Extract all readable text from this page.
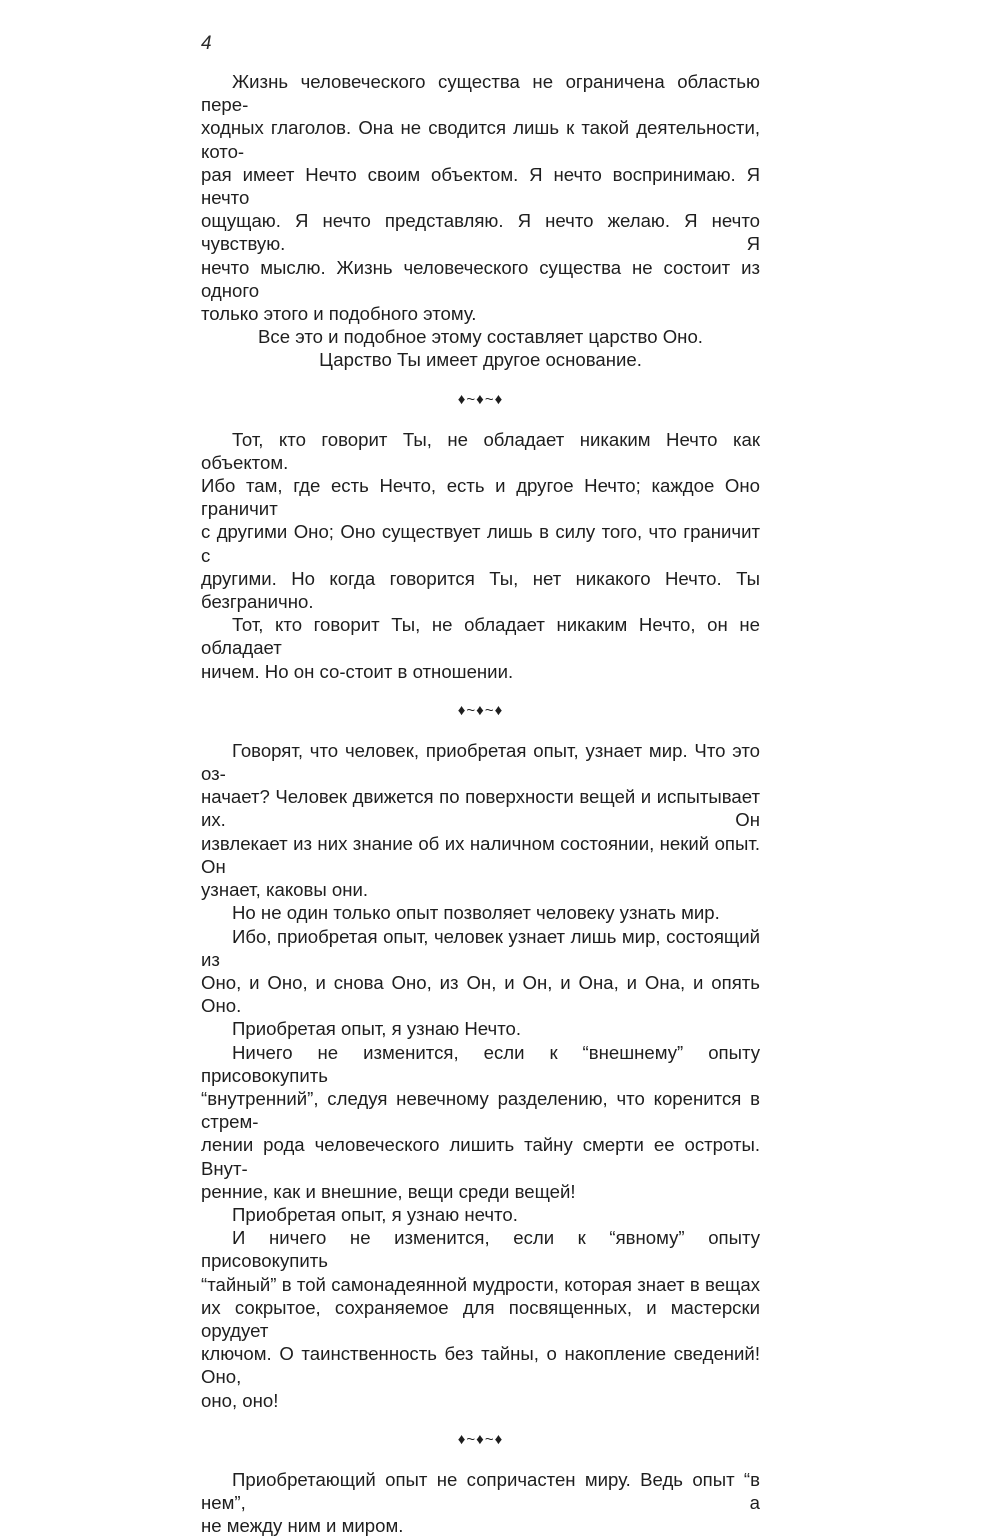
4

Жизнь человеческого существа не ограничена областью пере-

ходных глаголов. Она не сводится лишь к такой деятельности, кото-

рая имеет Нечто своим объектом. Я нечто воспринимаю. Я нечто

ощущаю. Я нечто представляю. Я нечто желаю. Я нечто чувствую. Я

нечто мыслю. Жизнь человеческого существа не состоит из одного

только этого и подобного этому.

Все это и подобное этому составляет царство Оно.

Царство Ты имеет другое основание.

♦~♦~♦

Тот, кто говорит Ты, не обладает никаким Нечто как объектом.

Ибо там, где есть Нечто, есть и другое Нечто; каждое Оно граничит

с другими Оно; Оно существует лишь в силу того, что граничит с

другими. Но когда говорится Ты, нет никакого Нечто. Ты безгранично.

Тот, кто говорит Ты, не обладает никаким Нечто, он не обладает

ничем. Но он со-стоит в отношении.

♦~♦~♦

Говорят, что человек, приобретая опыт, узнает мир. Что это оз-

начает? Человек движется по поверхности вещей и испытывает их. Он

извлекает из них знание об их наличном состоянии, некий опыт. Он

узнает, каковы они.

Но не один только опыт позволяет человеку узнать мир.

Ибо, приобретая опыт, человек узнает лишь мир, состоящий из

Оно, и Оно, и снова Оно, из Он, и Он, и Она, и Она, и опять Оно.

Приобретая опыт, я узнаю Нечто.

Ничего не изменится, если к “внешнему” опыту присовокупить

“внутренний”, следуя невечному разделению, что коренится в стрем-

лении рода человеческого лишить тайну смерти ее остроты. Внут-

ренние, как и внешние, вещи среди вещей!

Приобретая опыт, я узнаю нечто.

И ничего не изменится, если к “явному” опыту присовокупить

“тайный” в той самонадеянной мудрости, которая знает в вещах

их сокрытое, сохраняемое для посвященных, и мастерски орудует

ключом. О таинственность без тайны, о накопление сведений! Оно,

оно, оно!

♦~♦~♦

Приобретающий опыт не сопричастен миру. Ведь опыт “в нем”, а

не между ним и миром.
